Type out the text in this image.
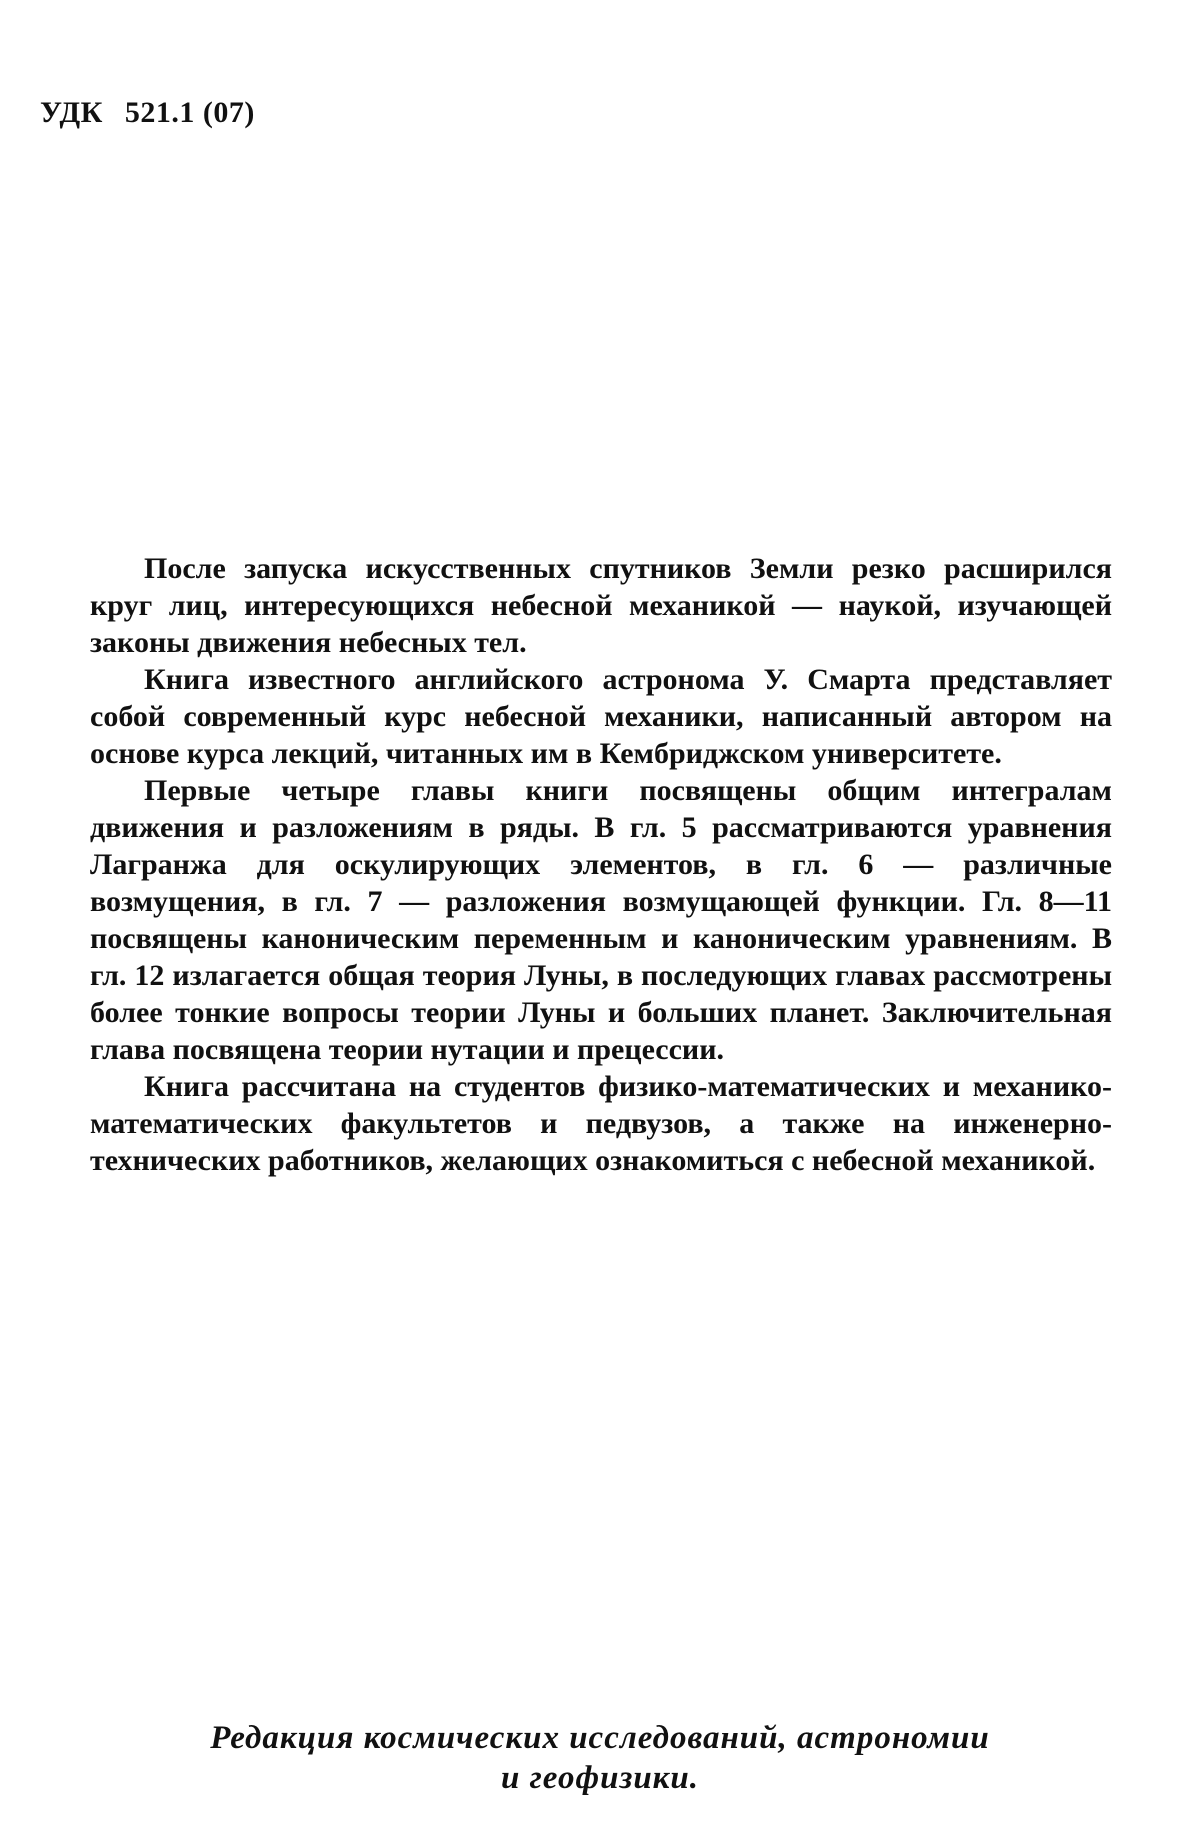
УДК 521.1 (07)

После запуска искусственных спутников Земли резко расширился круг лиц, интересующихся небесной механикой — наукой, изучающей законы движения небесных тел.

Книга известного английского астронома У. Смарта представляет собой современный курс небесной механики, написанный автором на основе курса лекций, читанных им в Кембриджском университете.

Первые четыре главы книги посвящены общим интегралам движения и разложениям в ряды. В гл. 5 рассматриваются уравнения Лагранжа для оскулирующих элементов, в гл. 6 — различные возмущения, в гл. 7 — разложения возмущающей функции. Гл. 8—11 посвящены каноническим переменным и каноническим уравнениям. В гл. 12 излагается общая теория Луны, в последующих главах рассмотрены более тонкие вопросы теории Луны и больших планет. Заключительная глава посвящена теории нутации и прецессии.

Книга рассчитана на студентов физико-математических и механико-математических факультетов и педвузов, а также на инженерно-технических работников, желающих ознакомиться с небесной механикой.

Редакция космических исследований, астрономии
и геофизики.
